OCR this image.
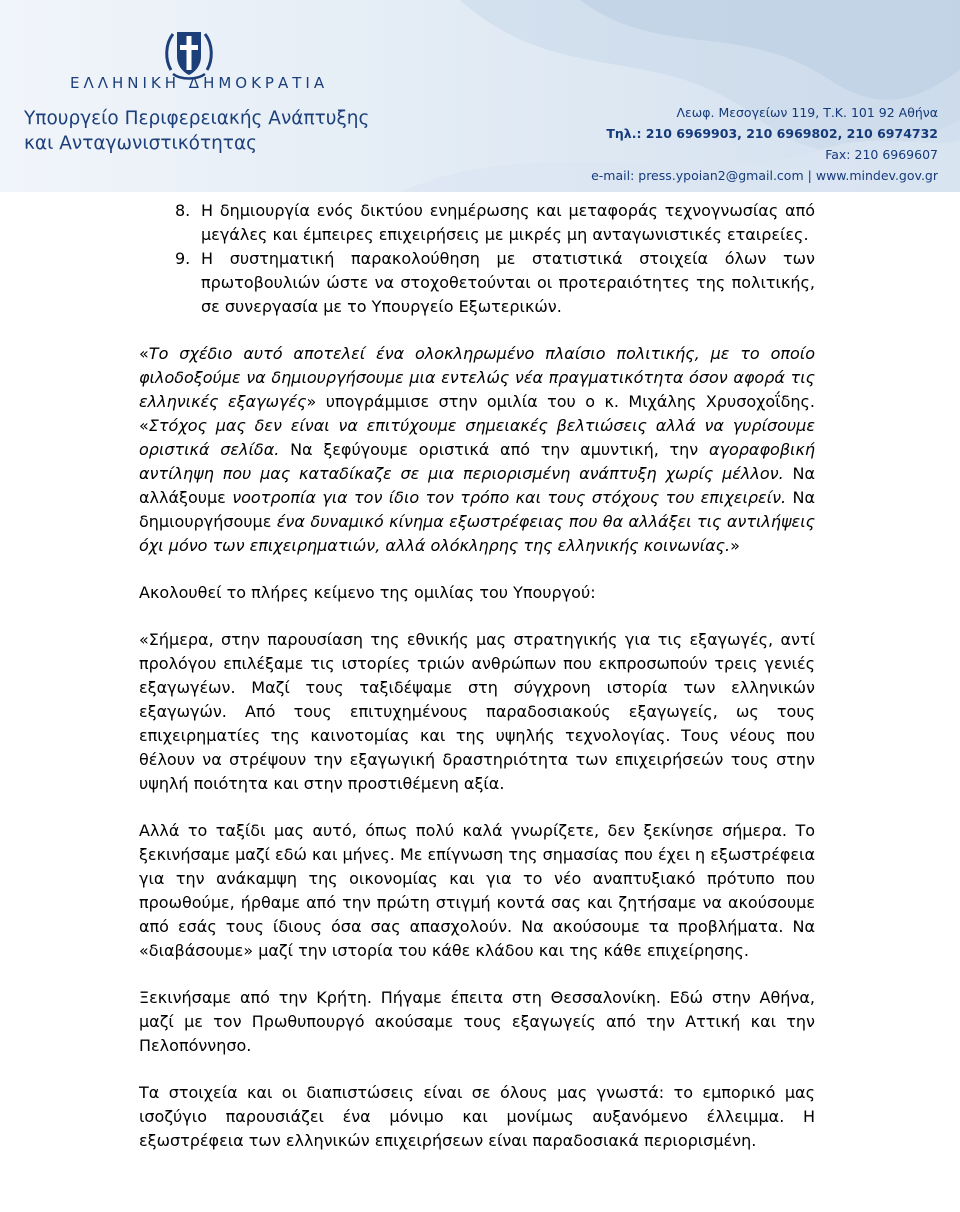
ΕΛΛΗΝΙΚΗ ΔΗΜΟΚΡΑΤΙΑ
Υπουργείο Περιφερειακής Ανάπτυξης
και Ανταγωνιστικότητας
Λεωφ. Μεσογείων 119, Τ.Κ. 101 92 Αθήνα
Τηλ.: 210 6969903, 210 6969802, 210 6974732
Fax: 210 6969607
e-mail: press.ypoian2@gmail.com | www.mindev.gov.gr
8. Η δημιουργία ενός δικτύου ενημέρωσης και μεταφοράς τεχνογνωσίας από μεγάλες και έμπειρες επιχειρήσεις με μικρές μη ανταγωνιστικές εταιρείες.
9. Η συστηματική παρακολούθηση με στατιστικά στοιχεία όλων των πρωτοβουλιών ώστε να στοχοθετούνται οι προτεραιότητες της πολιτικής, σε συνεργασία με το Υπουργείο Εξωτερικών.

«Το σχέδιο αυτό αποτελεί ένα ολοκληρωμένο πλαίσιο πολιτικής, με το οποίο φιλοδοξούμε να δημιουργήσουμε μια εντελώς νέα πραγματικότητα όσον αφορά τις ελληνικές εξαγωγές» υπογράμμισε στην ομιλία του ο κ. Μιχάλης Χρυσοχοΐδης. «Στόχος μας δεν είναι να επιτύχουμε σημειακές βελτιώσεις αλλά να γυρίσουμε οριστικά σελίδα. Να ξεφύγουμε οριστικά από την αμυντική, την αγοραφοβική αντίληψη που μας καταδίκαζε σε μια περιορισμένη ανάπτυξη χωρίς μέλλον. Να αλλάξουμε νοοτροπία για τον ίδιο τον τρόπο και τους στόχους του επιχειρείν. Να δημιουργήσουμε ένα δυναμικό κίνημα εξωστρέφειας που θα αλλάξει τις αντιλήψεις όχι μόνο των επιχειρηματιών, αλλά ολόκληρης της ελληνικής κοινωνίας.»

Ακολουθεί το πλήρες κείμενο της ομιλίας του Υπουργού:

«Σήμερα, στην παρουσίαση της εθνικής μας στρατηγικής για τις εξαγωγές, αντί προλόγου επιλέξαμε τις ιστορίες τριών ανθρώπων που εκπροσωπούν τρεις γενιές εξαγωγέων. Μαζί τους ταξιδέψαμε στη σύγχρονη ιστορία των ελληνικών εξαγωγών. Από τους επιτυχημένους παραδοσιακούς εξαγωγείς, ως τους επιχειρηματίες της καινοτομίας και της υψηλής τεχνολογίας. Τους νέους που θέλουν να στρέψουν την εξαγωγική δραστηριότητα των επιχειρήσεών τους στην υψηλή ποιότητα και στην προστιθέμενη αξία.

Αλλά το ταξίδι μας αυτό, όπως πολύ καλά γνωρίζετε, δεν ξεκίνησε σήμερα. Το ξεκινήσαμε μαζί εδώ και μήνες. Με επίγνωση της σημασίας που έχει η εξωστρέφεια για την ανάκαμψη της οικονομίας και για το νέο αναπτυξιακό πρότυπο που προωθούμε, ήρθαμε από την πρώτη στιγμή κοντά σας και ζητήσαμε να ακούσουμε από εσάς τους ίδιους όσα σας απασχολούν. Να ακούσουμε τα προβλήματα. Να «διαβάσουμε» μαζί την ιστορία του κάθε κλάδου και της κάθε επιχείρησης.

Ξεκινήσαμε από την Κρήτη. Πήγαμε έπειτα στη Θεσσαλονίκη. Εδώ στην Αθήνα, μαζί με τον Πρωθυπουργό ακούσαμε τους εξαγωγείς από την Αττική και την Πελοπόννησο.

Τα στοιχεία και οι διαπιστώσεις είναι σε όλους μας γνωστά: το εμπορικό μας ισοζύγιο παρουσιάζει ένα μόνιμο και μονίμως αυξανόμενο έλλειμμα. Η εξωστρέφεια των ελληνικών επιχειρήσεων είναι παραδοσιακά περιορισμένη.
